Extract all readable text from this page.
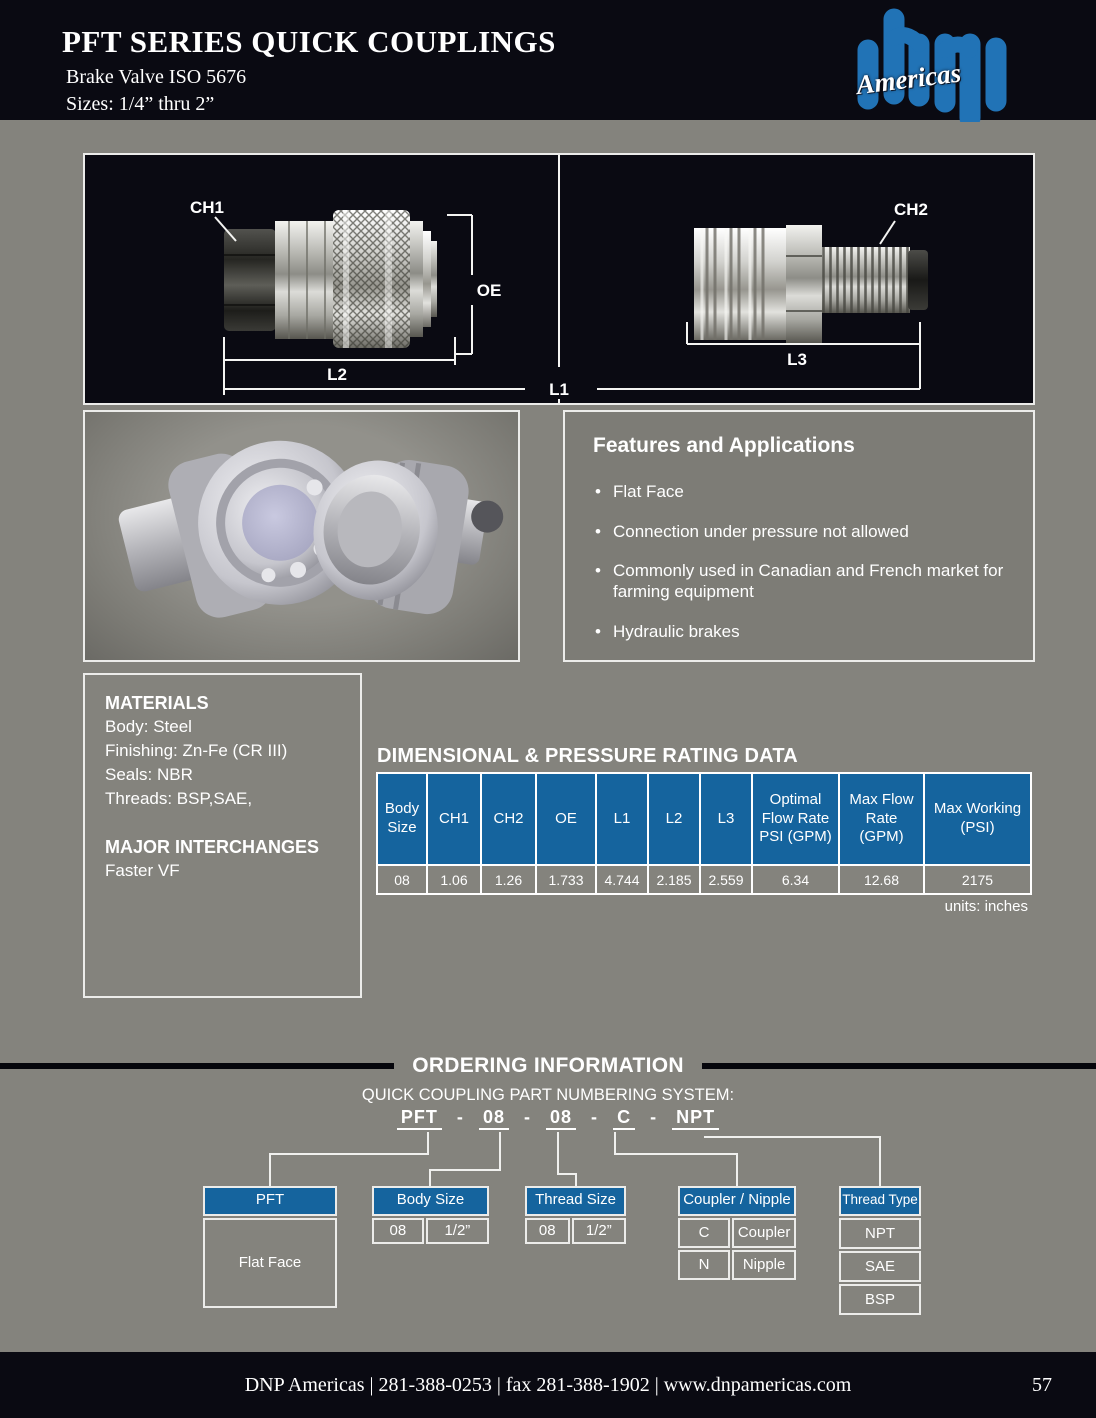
PFT SERIES QUICK COUPLINGS
Brake Valve ISO 5676
Sizes: 1/4” thru 2”
Americas
CH1	CH2
OE
L1
L2
L3
Features and Applications
• Flat Face
• Connection under pressure not allowed
• Commonly used in Canadian and French market for farming equipment
• Hydraulic brakes
MATERIALS
Body: Steel
Finishing: Zn-Fe (CR III)
Seals: NBR
Threads: BSP,SAE,
MAJOR INTERCHANGES
Faster VF
DIMENSIONAL & PRESSURE RATING DATA
Body Size	CH1	CH2	OE	L1	L2	L3	Optimal Flow Rate PSI (GPM)	Max Flow Rate (GPM)	Max Working (PSI)
08	1.06	1.26	1.733	4.744	2.185	2.559	6.34	12.68	2175
units: inches
ORDERING INFORMATION
QUICK COUPLING PART NUMBERING SYSTEM:
PFT - 08 - 08 - C - NPT
PFT
Flat Face
Body Size
08	1/2”
Thread Size
08	1/2”
Coupler / Nipple
C	Coupler
N	Nipple
Thread Type
NPT
SAE
BSP
DNP Americas | 281-388-0253 | fax 281-388-1902 | www.dnpamericas.com	57
